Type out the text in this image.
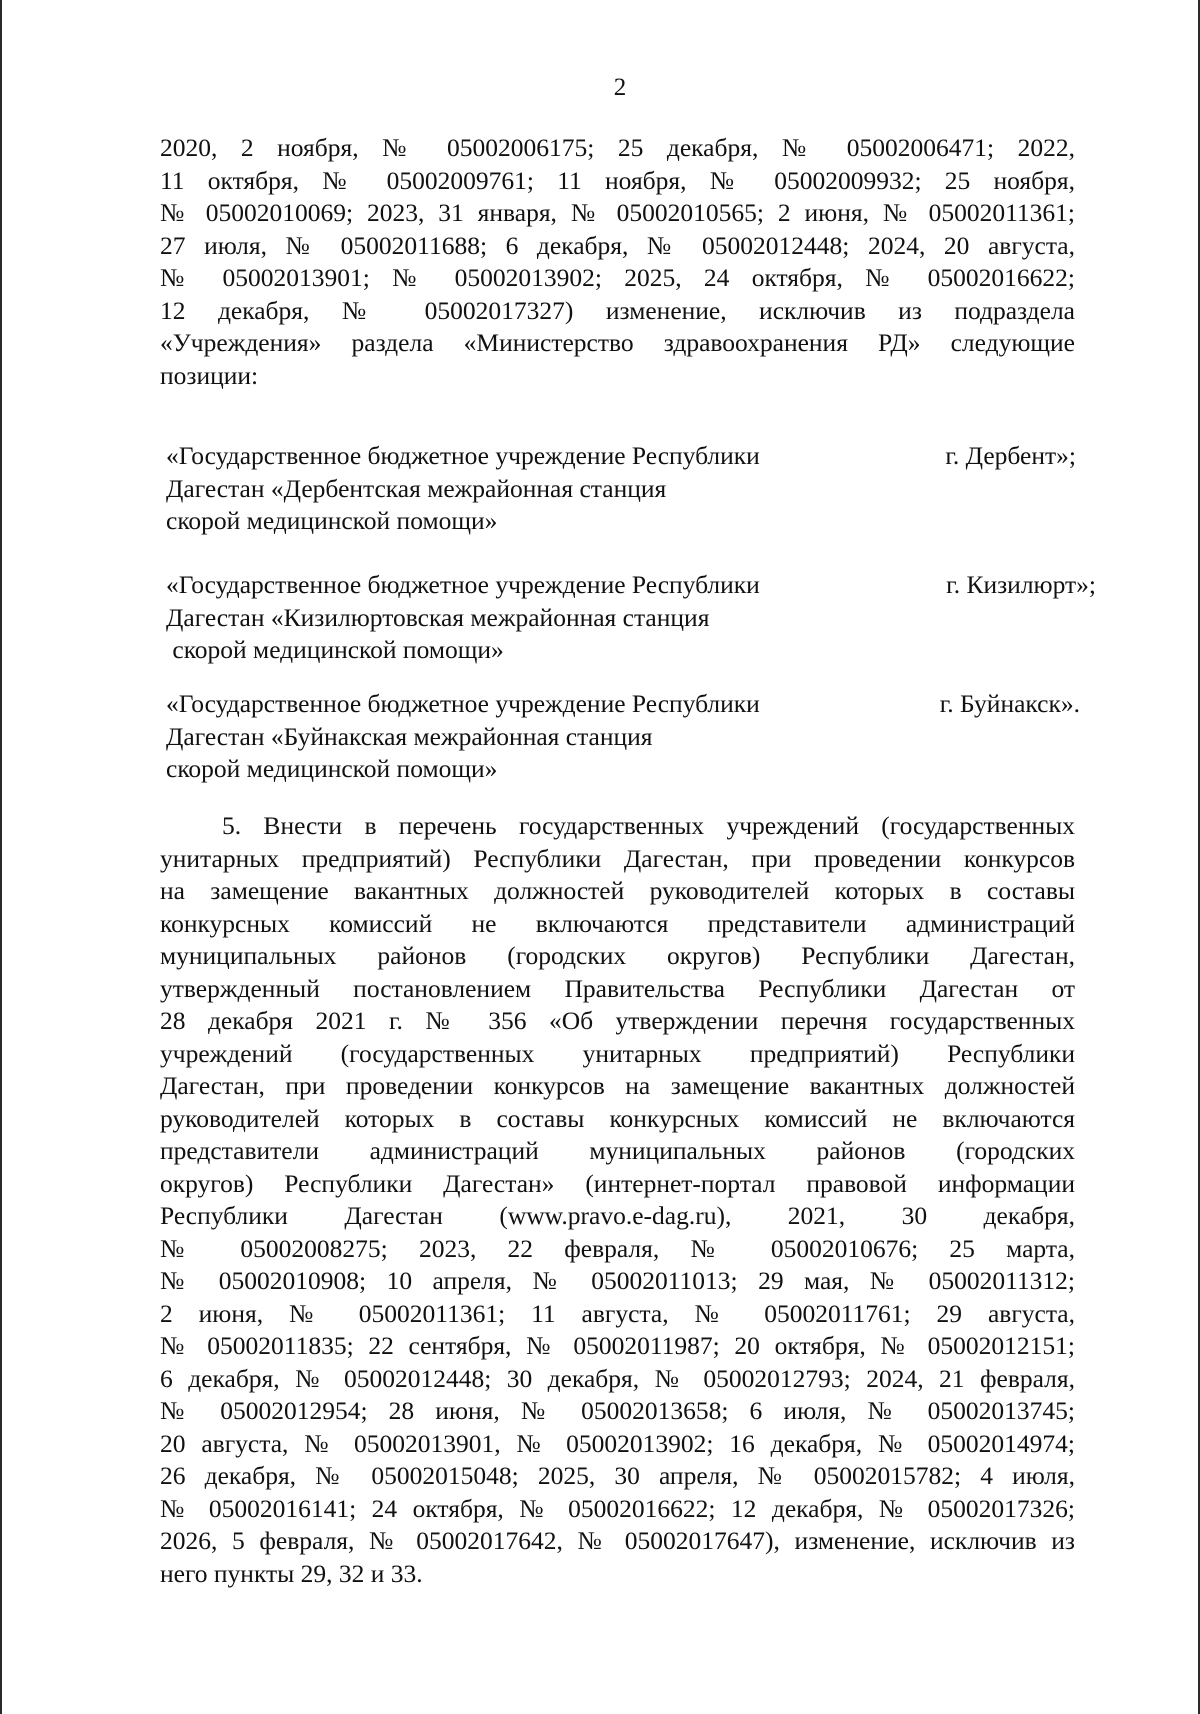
2
2020, 2 ноября, № 05002006175; 25 декабря, № 05002006471; 2022,
11 октября, № 05002009761; 11 ноября, № 05002009932; 25 ноября,
№ 05002010069; 2023, 31 января, № 05002010565; 2 июня, № 05002011361;
27 июля, № 05002011688; 6 декабря, № 05002012448; 2024, 20 августа,
№ 05002013901; № 05002013902; 2025, 24 октября, № 05002016622;
12 декабря, № 05002017327) изменение, исключив из подраздела
«Учреждения» раздела «Министерство здравоохранения РД» следующие
позиции:
«Государственное бюджетное учреждение Республики
Дагестан «Дербентская межрайонная станция
скорой медицинской помощи»
г. Дербент»;
«Государственное бюджетное учреждение Республики
Дагестан «Кизилюртовская межрайонная станция
скорой медицинской помощи»
г. Кизилюрт»;
«Государственное бюджетное учреждение Республики
Дагестан «Буйнакская межрайонная станция
скорой медицинской помощи»
г. Буйнакск».
5. Внести в перечень государственных учреждений (государственных
унитарных предприятий) Республики Дагестан, при проведении конкурсов
на замещение вакантных должностей руководителей которых в составы
конкурсных комиссий не включаются представители администраций
муниципальных районов (городских округов) Республики Дагестан,
утвержденный постановлением Правительства Республики Дагестан от
28 декабря 2021 г. № 356 «Об утверждении перечня государственных
учреждений (государственных унитарных предприятий) Республики
Дагестан, при проведении конкурсов на замещение вакантных должностей
руководителей которых в составы конкурсных комиссий не включаются
представители администраций муниципальных районов (городских
округов) Республики Дагестан» (интернет-портал правовой информации
Республики Дагестан (www.pravo.e-dag.ru), 2021, 30 декабря,
№ 05002008275; 2023, 22 февраля, № 05002010676; 25 марта,
№ 05002010908; 10 апреля, № 05002011013; 29 мая, № 05002011312;
2 июня, № 05002011361; 11 августа, № 05002011761; 29 августа,
№ 05002011835; 22 сентября, № 05002011987; 20 октября, № 05002012151;
6 декабря, № 05002012448; 30 декабря, № 05002012793; 2024, 21 февраля,
№ 05002012954; 28 июня, № 05002013658; 6 июля, № 05002013745;
20 августа, № 05002013901, № 05002013902; 16 декабря, № 05002014974;
26 декабря, № 05002015048; 2025, 30 апреля, № 05002015782; 4 июля,
№ 05002016141; 24 октября, № 05002016622; 12 декабря, № 05002017326;
2026, 5 февраля, № 05002017642, № 05002017647), изменение, исключив из
него пункты 29, 32 и 33.
